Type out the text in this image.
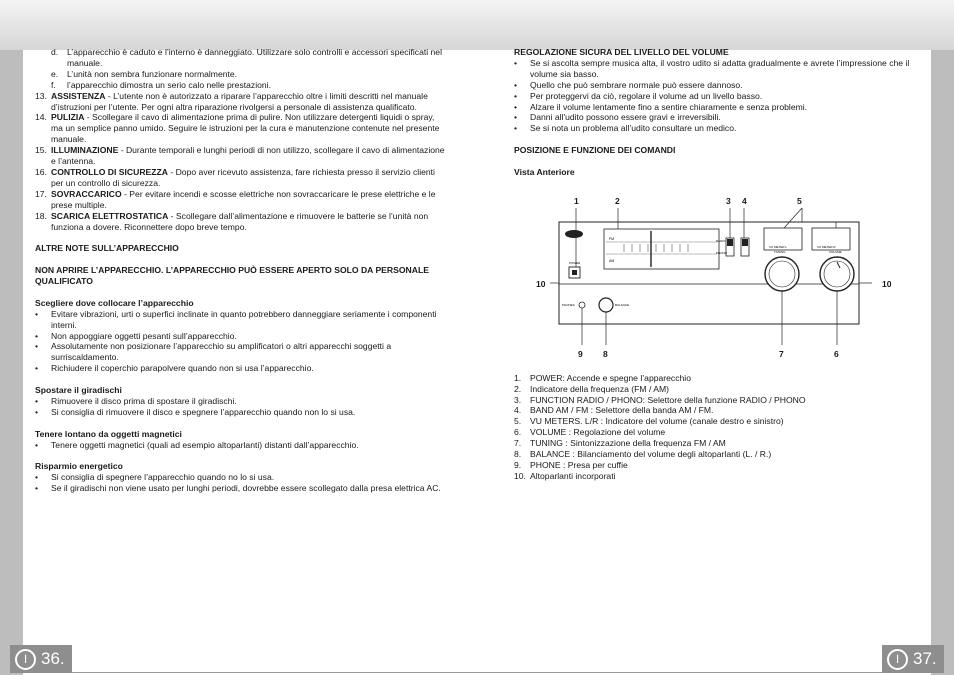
d.	L’apparecchio è caduto e l’interno è danneggiato. Utilizzare solo controlli e accessori specificati nel manuale.
e.	L’unità non sembra funzionare normalmente.
f.	l’apparecchio dimostra un serio calo nelle prestazioni.
13. ASSISTENZA - L’utente non è autorizzato a riparare l’apparecchio oltre i limiti descritti nel manuale d’istruzioni per l’utente. Per ogni altra riparazione rivolgersi a personale di assistenza qualificato.
14. PULIZIA - Scollegare il cavo di alimentazione prima di pulire. Non utilizzare detergenti liquidi o spray, ma un semplice panno umido. Seguire le istruzioni per la cura e manutenzione contenute nel presente manuale.
15. ILLUMINAZIONE - Durante temporali e lunghi periodi di non utilizzo, scollegare il cavo di alimentazione e l’antenna.
16. CONTROLLO DI SICUREZZA - Dopo aver ricevuto assistenza, fare richiesta presso il servizio clienti per un controllo di sicurezza.
17. SOVRACCARICO - Per evitare incendi e scosse elettriche non sovraccaricare le prese elettriche e le prese multiple.
18. SCARICA ELETTROSTATICA - Scollegare dall’alimentazione e rimuovere le batterie se l’unità non funziona a dovere. Riconnettere dopo breve tempo.
ALTRE NOTE SULL’APPARECCHIO
NON APRIRE L’APPARECCHIO. L’APPARECCHIO PUÒ ESSERE APERTO SOLO DA PERSONALE QUALIFICATO
Scegliere dove collocare l’apparecchio
•	Evitare vibrazioni, urti o superfici inclinate in quanto potrebbero danneggiare seriamente i componenti interni.
•	Non appoggiare oggetti pesanti sull’apparecchio.
•	Assolutamente non posizionare l’apparecchio su amplificatori o altri apparecchi soggetti a surriscaldamento.
•	Richiudere il coperchio parapolvere quando non si usa l’apparecchio.
Spostare il giradischi
•	Rimuovere il disco prima di spostare il giradischi.
•	Si consiglia di rimuovere il disco e spegnere l’apparecchio quando non lo si usa.
Tenere lontano da oggetti magnetici
•	Tenere oggetti magnetici (quali ad esempio altoparlanti) distanti dall’apparecchio.
Risparmio energetico
•	Si consiglia di spegnere l’apparecchio quando no lo si usa.
•	Se il giradischi non viene usato per lunghi periodi, dovrebbe essere scollegato dalla presa elettrica AC.
REGOLAZIONE SICURA DEL LIVELLO DEL VOLUME
•	Se si ascolta sempre musica alta, il vostro udito si adatta gradualmente e avrete l’impressione che il volume sia basso.
•	Quello che può sembrare normale può essere dannoso.
•	Per proteggervi da ciò, regolare il volume ad un livello basso.
•	Alzare il volume lentamente fino a sentire chiaramente e senza problemi.
•	Danni all'udito possono essere gravi e irreversibili.
•	Se si nota un problema all’udito consultare un medico.
POSIZIONE E FUNZIONE DEI COMANDI
Vista Anteriore
FM
AM
RADIO
PHONO
VU METER L	VU METER R
POWER
TUNING	VOLUME
PHONES	BALANCE
1	2	3 4	5
10	10
9 8	7	6
1.	POWER: Accende e spegne l’apparecchio
2.	Indicatore della frequenza (FM / AM)
3.	FUNCTION RADIO / PHONO: Selettore della funzione RADIO / PHONO
4.	BAND AM / FM : Selettore della banda AM / FM.
5.	VU METERS. L/R : Indicatore del volume (canale destro e sinistro)
6.	VOLUME : Regolazione del volume
7.	TUNING : Sintonizzazione della frequenza FM / AM
8.	BALANCE : Bilanciamento del volume degli altoparlanti (L. / R.)
9.	PHONE : Presa per cuffie
10. Altoparlanti incorporati
I 36.	I 37.
